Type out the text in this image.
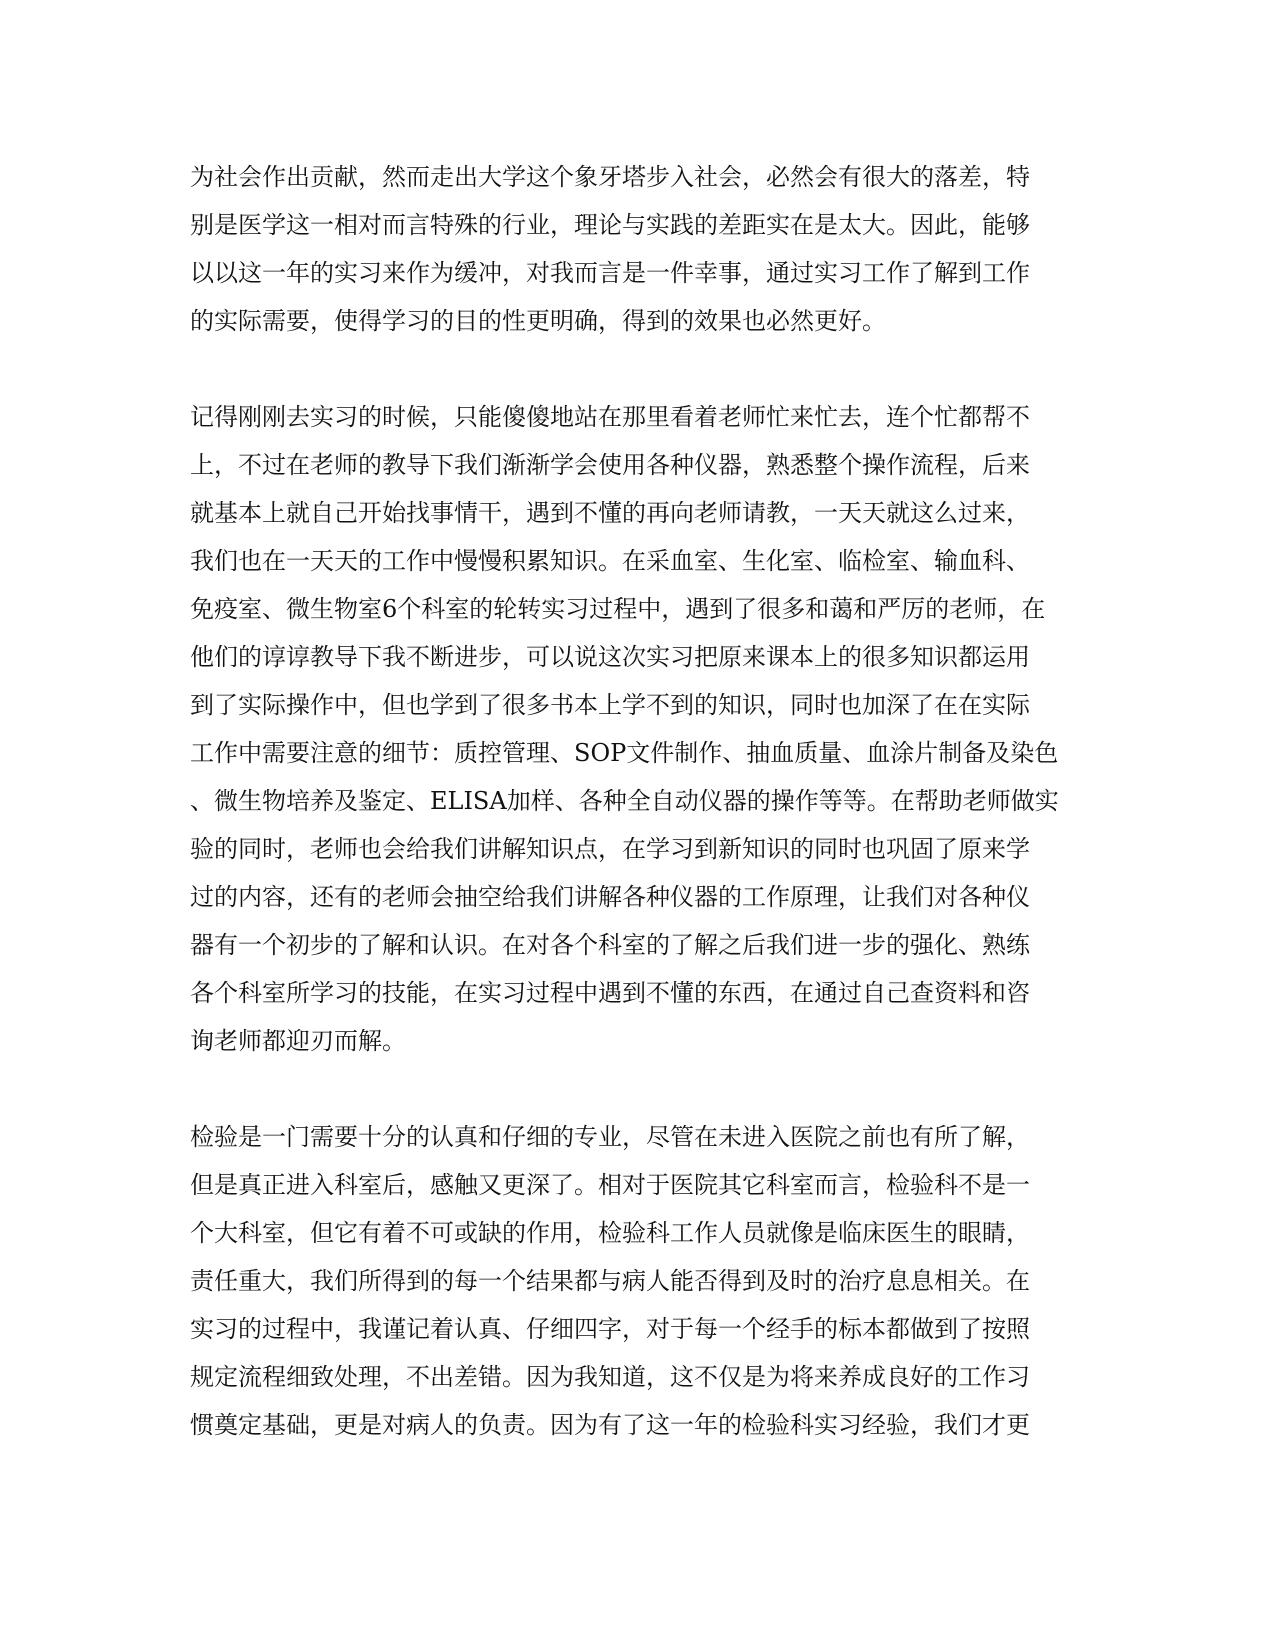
为社会作出贡献，然而走出大学这个象牙塔步入社会，必然会有很大的落差，特
别是医学这一相对而言特殊的行业，理论与实践的差距实在是太大。因此，能够
以以这一年的实习来作为缓冲，对我而言是一件幸事，通过实习工作了解到工作
的实际需要，使得学习的目的性更明确，得到的效果也必然更好。
记得刚刚去实习的时候，只能傻傻地站在那里看着老师忙来忙去，连个忙都帮不
上，不过在老师的教导下我们渐渐学会使用各种仪器，熟悉整个操作流程，后来
就基本上就自己开始找事情干，遇到不懂的再向老师请教，一天天就这么过来，
我们也在一天天的工作中慢慢积累知识。在采血室、生化室、临检室、输血科、
免疫室、微生物室6个科室的轮转实习过程中，遇到了很多和蔼和严厉的老师，在
他们的谆谆教导下我不断进步，可以说这次实习把原来课本上的很多知识都运用
到了实际操作中，但也学到了很多书本上学不到的知识，同时也加深了在在实际
工作中需要注意的细节：质控管理、SOP文件制作、抽血质量、血涂片制备及染色
、微生物培养及鉴定、ELISA加样、各种全自动仪器的操作等等。在帮助老师做实
验的同时，老师也会给我们讲解知识点，在学习到新知识的同时也巩固了原来学
过的内容，还有的老师会抽空给我们讲解各种仪器的工作原理，让我们对各种仪
器有一个初步的了解和认识。在对各个科室的了解之后我们进一步的强化、熟练
各个科室所学习的技能，在实习过程中遇到不懂的东西，在通过自己查资料和咨
询老师都迎刃而解。
检验是一门需要十分的认真和仔细的专业，尽管在未进入医院之前也有所了解，
但是真正进入科室后，感触又更深了。相对于医院其它科室而言，检验科不是一
个大科室，但它有着不可或缺的作用，检验科工作人员就像是临床医生的眼睛，
责任重大，我们所得到的每一个结果都与病人能否得到及时的治疗息息相关。在
实习的过程中，我谨记着认真、仔细四字，对于每一个经手的标本都做到了按照
规定流程细致处理，不出差错。因为我知道，这不仅是为将来养成良好的工作习
惯奠定基础，更是对病人的负责。因为有了这一年的检验科实习经验，我们才更
